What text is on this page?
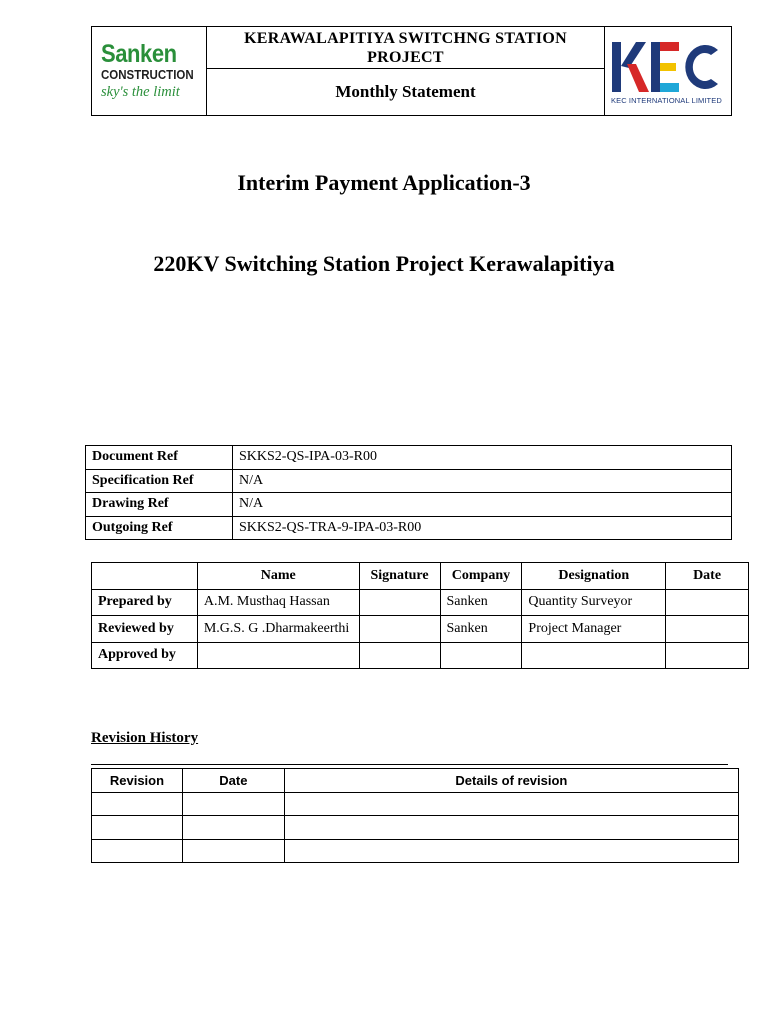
Sanken
CONSTRUCTION
sky's the limit

KERAWALAPITIYA SWITCHNG STATION
PROJECT

KEC INTERNATIONAL LIMITED

Monthly Statement
Interim Payment Application-3
220KV Switching Station Project Kerawalapitiya
Document Ref	SKKS2-QS-IPA-03-R00
Specification Ref	N/A
Drawing Ref	N/A
Outgoing Ref	SKKS2-QS-TRA-9-IPA-03-R00
	Name	Signature	Company	Designation	Date
Prepared by	A.M. Musthaq Hassan		Sanken	Quantity Surveyor	
Reviewed by	M.G.S. G .Dharmakeerthi		Sanken	Project Manager	
Approved by					
Revision History
Revision	Date	Details of revision
